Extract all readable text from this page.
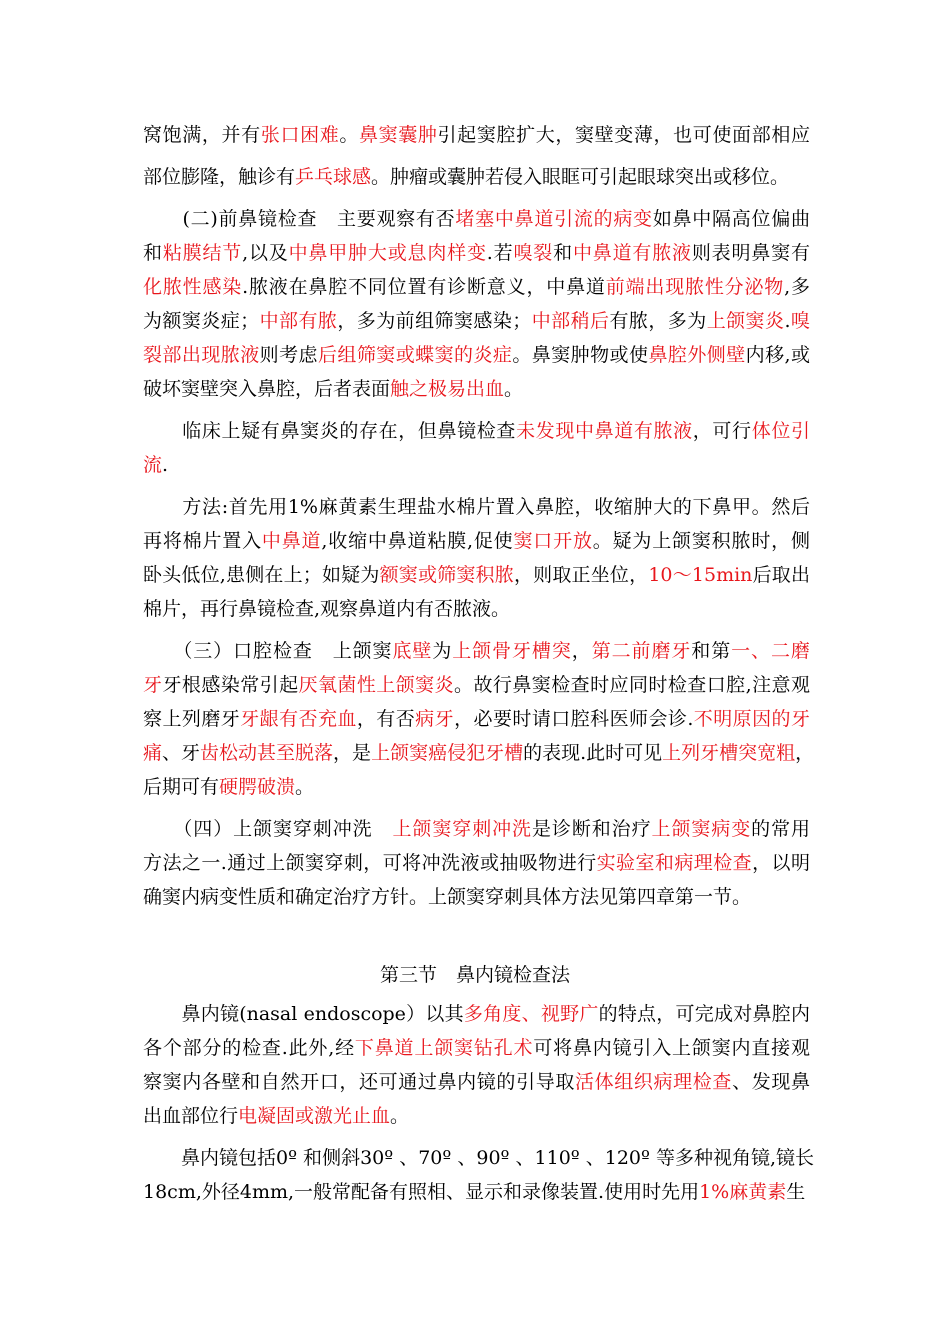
窝饱满，并有张口困难。鼻窦囊肿引起窦腔扩大，窦壁变薄，也可使面部相应
部位膨隆，触诊有乒乓球感。肿瘤或囊肿若侵入眼眶可引起眼球突出或移位。
　　(二)前鼻镜检查　主要观察有否堵塞中鼻道引流的病变如鼻中隔高位偏曲
和粘膜结节,以及中鼻甲肿大或息肉样变.若嗅裂和中鼻道有脓液则表明鼻窦有
化脓性感染.脓液在鼻腔不同位置有诊断意义，中鼻道前端出现脓性分泌物,多
为额窦炎症；中部有脓，多为前组筛窦感染；中部稍后有脓，多为上颌窦炎.嗅
裂部出现脓液则考虑后组筛窦或蝶窦的炎症。鼻窦肿物或使鼻腔外侧壁内移,或
破坏窦壁突入鼻腔，后者表面触之极易出血。
　　临床上疑有鼻窦炎的存在，但鼻镜检查未发现中鼻道有脓液，可行体位引
流.
　　方法:首先用1%麻黄素生理盐水棉片置入鼻腔，收缩肿大的下鼻甲。然后
再将棉片置入中鼻道,收缩中鼻道粘膜,促使窦口开放。疑为上颌窦积脓时，侧
卧头低位,患侧在上；如疑为额窦或筛窦积脓，则取正坐位，10～15min后取出
棉片，再行鼻镜检查,观察鼻道内有否脓液。
　　（三）口腔检查　上颌窦底壁为上颌骨牙槽突，第二前磨牙和第一、二磨
牙牙根感染常引起厌氧菌性上颌窦炎。故行鼻窦检查时应同时检查口腔,注意观
察上列磨牙牙龈有否充血，有否病牙，必要时请口腔科医师会诊.不明原因的牙
痛、牙齿松动甚至脱落，是上颌窦癌侵犯牙槽的表现.此时可见上列牙槽突宽粗，
后期可有硬腭破溃。
　　（四）上颌窦穿刺冲洗　上颌窦穿刺冲洗是诊断和治疗上颌窦病变的常用
方法之一.通过上颌窦穿刺，可将冲洗液或抽吸物进行实验室和病理检查，以明
确窦内病变性质和确定治疗方针。上颌窦穿刺具体方法见第四章第一节。
　　鼻内镜(nasal endoscope）以其多角度、视野广的特点，可完成对鼻腔内
各个部分的检查.此外,经下鼻道上颌窦钻孔术可将鼻内镜引入上颌窦内直接观
察窦内各壁和自然开口，还可通过鼻内镜的引导取活体组织病理检查、发现鼻
出血部位行电凝固或激光止血。
　　鼻内镜包括0º 和侧斜30º 、70º 、90º 、110º 、120º 等多种视角镜,镜长
18cm,外径4mm,一般常配备有照相、显示和录像装置.使用时先用1%麻黄素生
第三节　鼻内镜检查法
